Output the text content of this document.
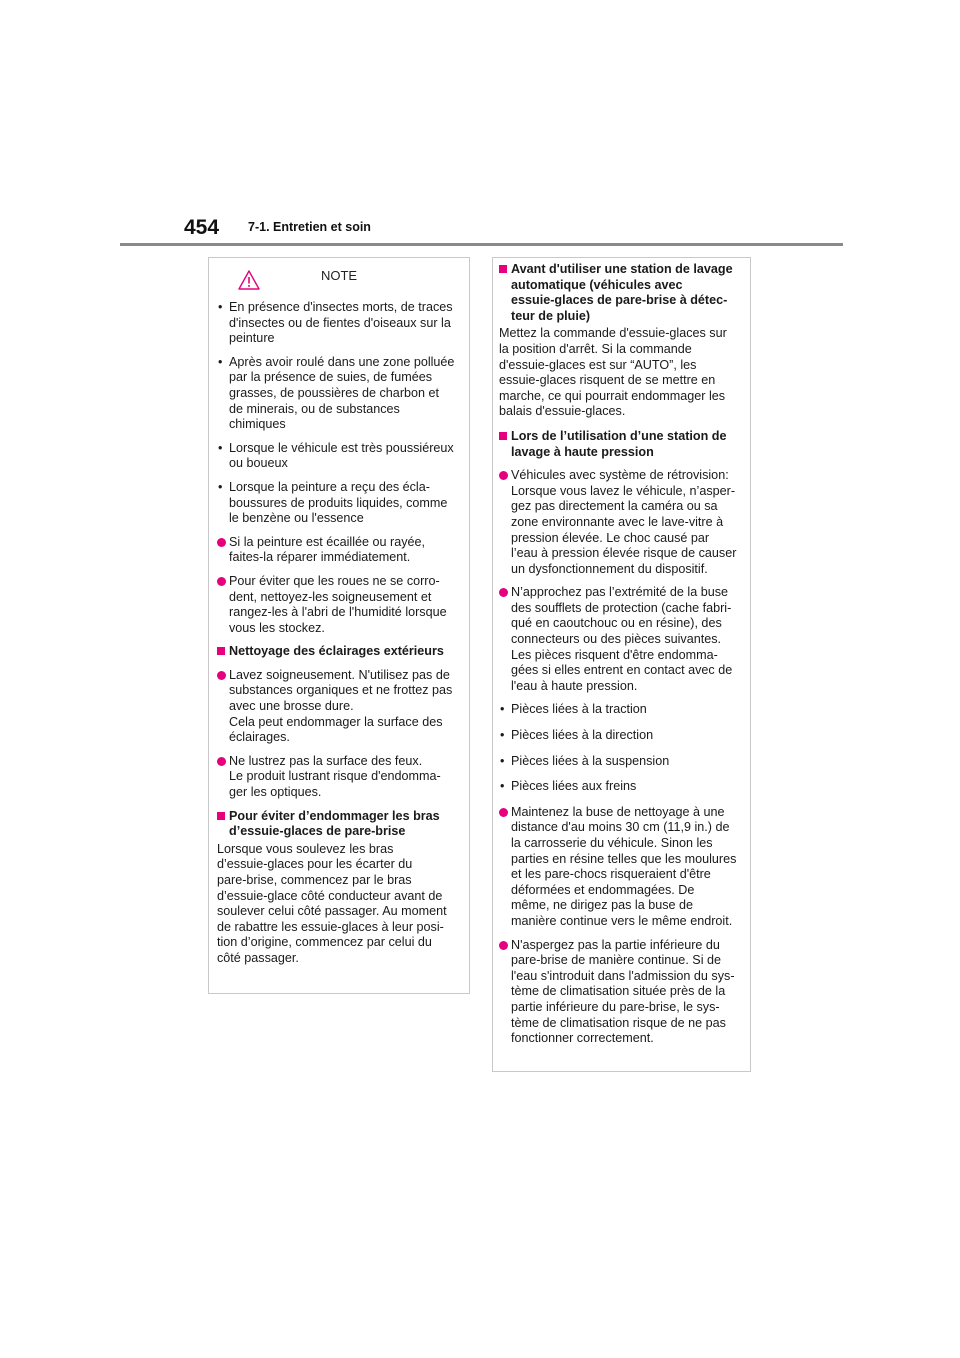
454 7-1. Entretien et soin
NOTE
• En présence d'insectes morts, de traces
d'insectes ou de fientes d'oiseaux sur la
peinture
• Après avoir roulé dans une zone polluée
par la présence de suies, de fumées
grasses, de poussières de charbon et
de minerais, ou de substances
chimiques
• Lorsque le véhicule est très poussiéreux
ou boueux
• Lorsque la peinture a reçu des écla-
boussures de produits liquides, comme
le benzène ou l'essence
Si la peinture est écaillée ou rayée,
faites-la réparer immédiatement.
Pour éviter que les roues ne se corro-
dent, nettoyez-les soigneusement et
rangez-les à l'abri de l'humidité lorsque
vous les stockez.
Nettoyage des éclairages extérieurs
Lavez soigneusement. N'utilisez pas de
substances organiques et ne frottez pas
avec une brosse dure.
Cela peut endommager la surface des
éclairages.
Ne lustrez pas la surface des feux.
Le produit lustrant risque d'endomma-
ger les optiques.
Pour éviter d’endommager les bras
d’essuie-glaces de pare-brise
Lorsque vous soulevez les bras
d’essuie-glaces pour les écarter du
pare-brise, commencez par le bras
d’essuie-glace côté conducteur avant de
soulever celui côté passager. Au moment
de rabattre les essuie-glaces à leur posi-
tion d’origine, commencez par celui du
côté passager.
Avant d'utiliser une station de lavage
automatique (véhicules avec
essuie-glaces de pare-brise à détec-
teur de pluie)
Mettez la commande d'essuie-glaces sur
la position d'arrêt. Si la commande
d'essuie-glaces est sur “AUTO”, les
essuie-glaces risquent de se mettre en
marche, ce qui pourrait endommager les
balais d'essuie-glaces.
Lors de l’utilisation d’une station de
lavage à haute pression
Véhicules avec système de rétrovision:
Lorsque vous lavez le véhicule, n’asper-
gez pas directement la caméra ou sa
zone environnante avec le lave-vitre à
pression élevée. Le choc causé par
l’eau à pression élevée risque de causer
un dysfonctionnement du dispositif.
N’approchez pas l’extrémité de la buse
des soufflets de protection (cache fabri-
qué en caoutchouc ou en résine), des
connecteurs ou des pièces suivantes.
Les pièces risquent d'être endomma-
gées si elles entrent en contact avec de
l'eau à haute pression.
• Pièces liées à la traction
• Pièces liées à la direction
• Pièces liées à la suspension
• Pièces liées aux freins
Maintenez la buse de nettoyage à une
distance d'au moins 30 cm (11,9 in.) de
la carrosserie du véhicule. Sinon les
parties en résine telles que les moulures
et les pare-chocs risqueraient d'être
déformées et endommagées. De
même, ne dirigez pas la buse de
manière continue vers le même endroit.
N'aspergez pas la partie inférieure du
pare-brise de manière continue. Si de
l'eau s'introduit dans l'admission du sys-
tème de climatisation située près de la
partie inférieure du pare-brise, le sys-
tème de climatisation risque de ne pas
fonctionner correctement.
